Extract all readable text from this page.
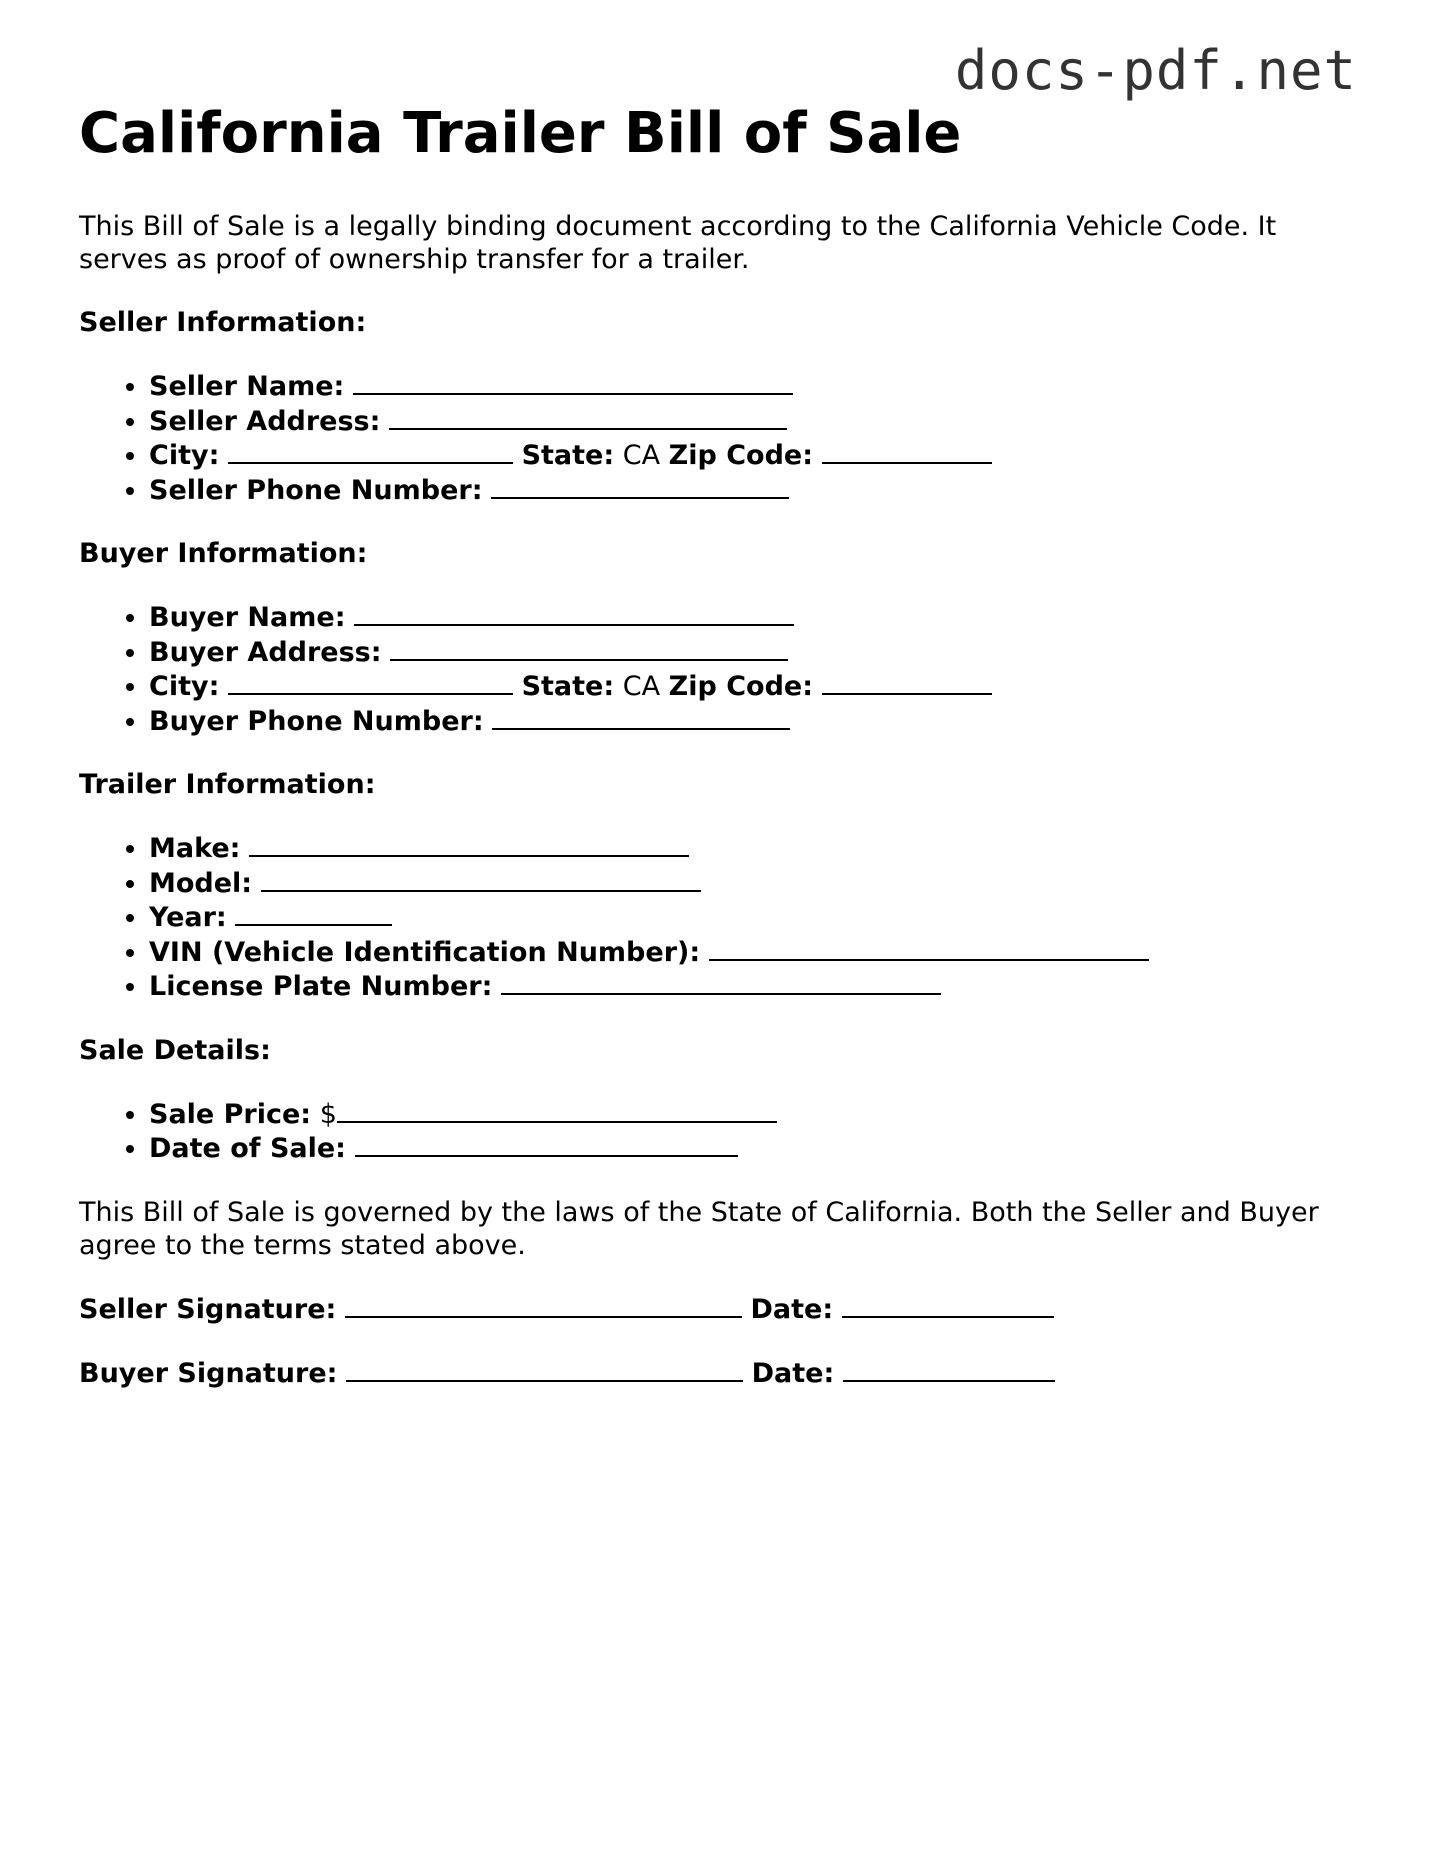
docs-pdf.net
California Trailer Bill of Sale

This Bill of Sale is a legally binding document according to the California Vehicle Code. It serves as proof of ownership transfer for a trailer.

Seller Information:
• Seller Name:
• Seller Address:
• City:	State: CA Zip Code:
• Seller Phone Number:
Buyer Information:
• Buyer Name:
• Buyer Address:
• City:	State: CA Zip Code:
• Buyer Phone Number:
Trailer Information:
• Make:
• Model:
• Year:
• VIN (Vehicle Identification Number):
• License Plate Number:
Sale Details:
• Sale Price: $
• Date of Sale:

This Bill of Sale is governed by the laws of the State of California. Both the Seller and Buyer agree to the terms stated above.

Seller Signature:	Date:
Buyer Signature:	Date:
